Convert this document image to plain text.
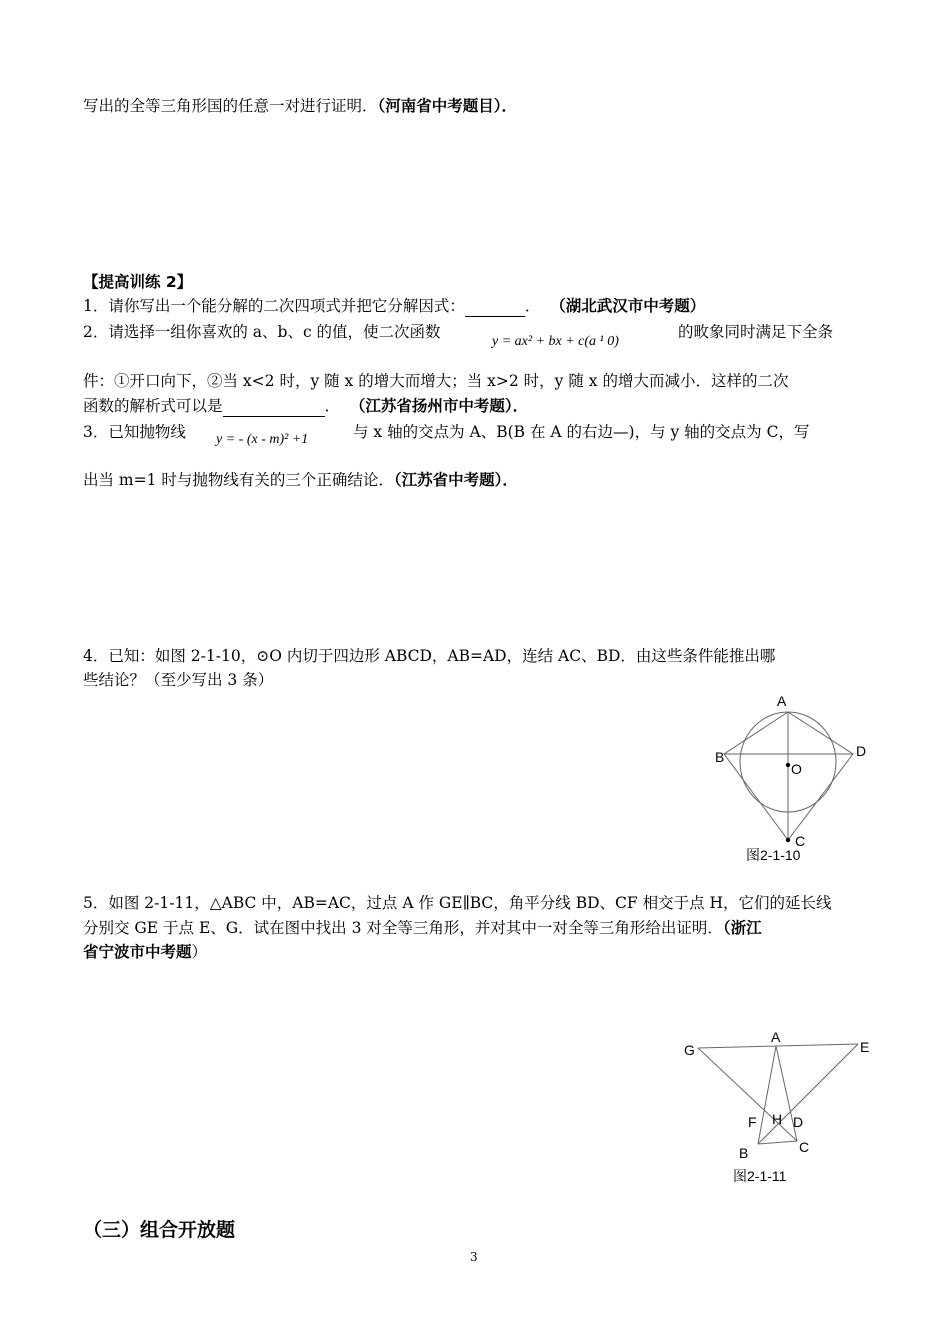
写出的全等三角形国的任意一对进行证明．（河南省中考题目）．
【提高训练 2】
1．请你写出一个能分解的二次四项式并把它分解因式：	． （湖北武汉市中考题）
2．请选择一组你喜欢的 a、b、c 的值，使二次函数
y = ax² + bx + c(a ¹ 0)
的畋象同时满足下全条
件：①开口向下，②当 x<2 时，y 随 x 的增大而增大；当 x>2 时，y 随 x 的增大而减小．这样的二次
函数的解析式可以是	． （江苏省扬州市中考题）．
3．已知抛物线 y = - (x - m)² +1	与 x 轴的交点为 A、B(B 在 A 的右边—)，与 y 轴的交点为 C，写
出当 m=1 时与抛物线有关的三个正确结论．（江苏省中考题）．
4．已知：如图 2-1-10，⊙O 内切于四边形 ABCD，AB=AD，连结 AC、BD．由这些条件能推出哪
些结论？（至少写出 3 条）
A
B	D
O
C
图2-1-10
A
G	E
F H D
B	C
图2-1-11
5．如图 2-1-11，△ABC 中，AB=AC，过点 A 作 GE∥BC，角平分线 BD、CF 相交于点 H，它们的延长线
分别交 GE 于点 E、G．试在图中找出 3 对全等三角形，并对其中一对全等三角形给出证明．（浙江
省宁波市中考题）
（三）组合开放题
3
